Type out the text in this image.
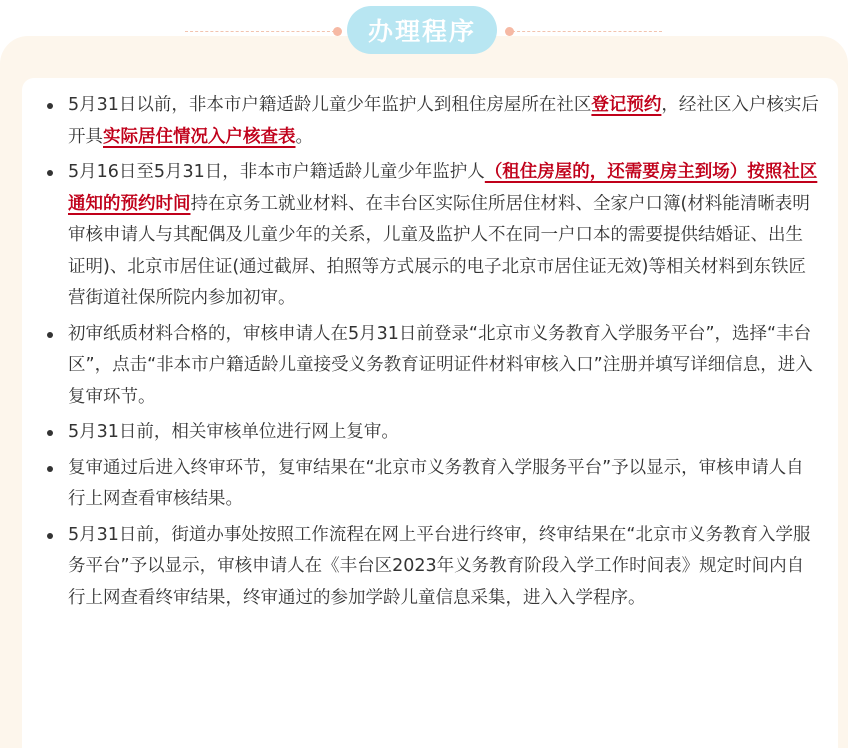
办理程序
5月31日以前，非本市户籍适龄儿童少年监护人到租住房屋所在社区登记预约，经社区入户核实后开具实际居住情况入户核查表。
5月16日至5月31日，非本市户籍适龄儿童少年监护人（租住房屋的，还需要房主到场）按照社区通知的预约时间持在京务工就业材料、在丰台区实际住所居住材料、全家户口簿(材料能清晰表明审核申请人与其配偶及儿童少年的关系，儿童及监护人不在同一户口本的需要提供结婚证、出生证明)、北京市居住证(通过截屏、拍照等方式展示的电子北京市居住证无效)等相关材料到东铁匠营街道社保所院内参加初审。
初审纸质材料合格的，审核申请人在5月31日前登录“北京市义务教育入学服务平台”，选择“丰台区”，点击“非本市户籍适龄儿童接受义务教育证明证件材料审核入口”注册并填写详细信息，进入复审环节。
5月31日前，相关审核单位进行网上复审。
复审通过后进入终审环节，复审结果在“北京市义务教育入学服务平台”予以显示，审核申请人自行上网查看审核结果。
5月31日前，街道办事处按照工作流程在网上平台进行终审，终审结果在“北京市义务教育入学服务平台”予以显示，审核申请人在《丰台区2023年义务教育阶段入学工作时间表》规定时间内自行上网查看终审结果，终审通过的参加学龄儿童信息采集，进入入学程序。
